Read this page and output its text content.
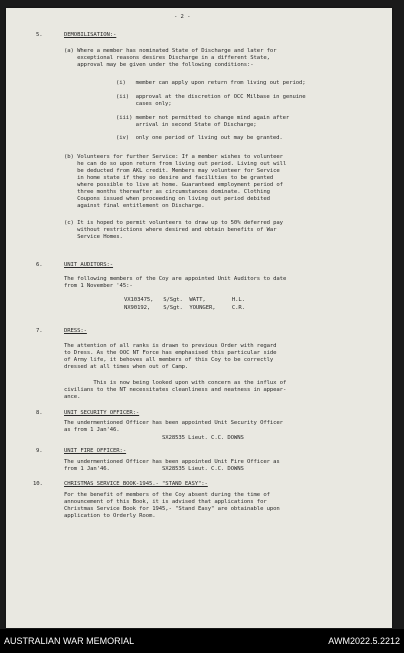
- 2 -
5.	DEMOBILISATION:-
(a) Where a member has nominated State of Discharge and later for
exceptional reasons desires Discharge in a different State,
approval may be given under the following conditions:-
(i)   member can apply upon return from living out period;
(ii)  approval at the discretion of OCC Milbase in genuine
cases only;
(iii) member not permitted to change mind again after
arrival in second State of Discharge;
(iv)  only one period of living out may be granted.
(b) Volunteers for further Service: If a member wishes to volunteer
he can do so upon return from living out period. Living out will
be deducted from AKL credit. Members may volunteer for Service
in home state if they so desire and facilities to be granted
where possible to live at home. Guaranteed employment period of
three months thereafter as circumstances dominate. Clothing
Coupons issued when proceeding on living out period debited
against final entitlement on Discharge.
(c) It is hoped to permit volunteers to draw up to 50% deferred pay
without restrictions where desired and obtain benefits of War
Service Homes.
6.	UNIT AUDITORS:-
The following members of the Coy are appointed Unit Auditors to date
from 1 November '45:-
VX103475,   S/Sgt.  WATT,        H.L.
NX90192,    S/Sgt.  YOUNGER,     C.R.
7.	DRESS:-
The attention of all ranks is drawn to previous Order with regard
to Dress. As the OOC NT Force has emphasised this particular side
of Army life, it behoves all members of this Coy to be correctly
dressed at all times when out of Camp.
This is now being looked upon with concern as the influx of
civilians to the NT necessitates cleanliness and neatness in appear-
ance.
8.	UNIT SECURITY OFFICER:-
The undermentioned Officer has been appointed Unit Security Officer
as from 1 Jan'46.
SX28535 Lieut. C.C. DOWNS
9.	UNIT FIRE OFFICER:-
The undermentioned Officer has been appointed Unit Fire Officer as
from 1 Jan'46.                SX28535 Lieut. C.C. DOWNS
10.	CHRISTMAS SERVICE BOOK-1945.- "STAND EASY":-
For the benefit of members of the Coy absent during the time of
announcement of this Book, it is advised that applications for
Christmas Service Book for 1945,- "Stand Easy" are obtainable upon
application to Orderly Room.
AUSTRALIAN WAR MEMORIAL	AWM2022.5.2212
